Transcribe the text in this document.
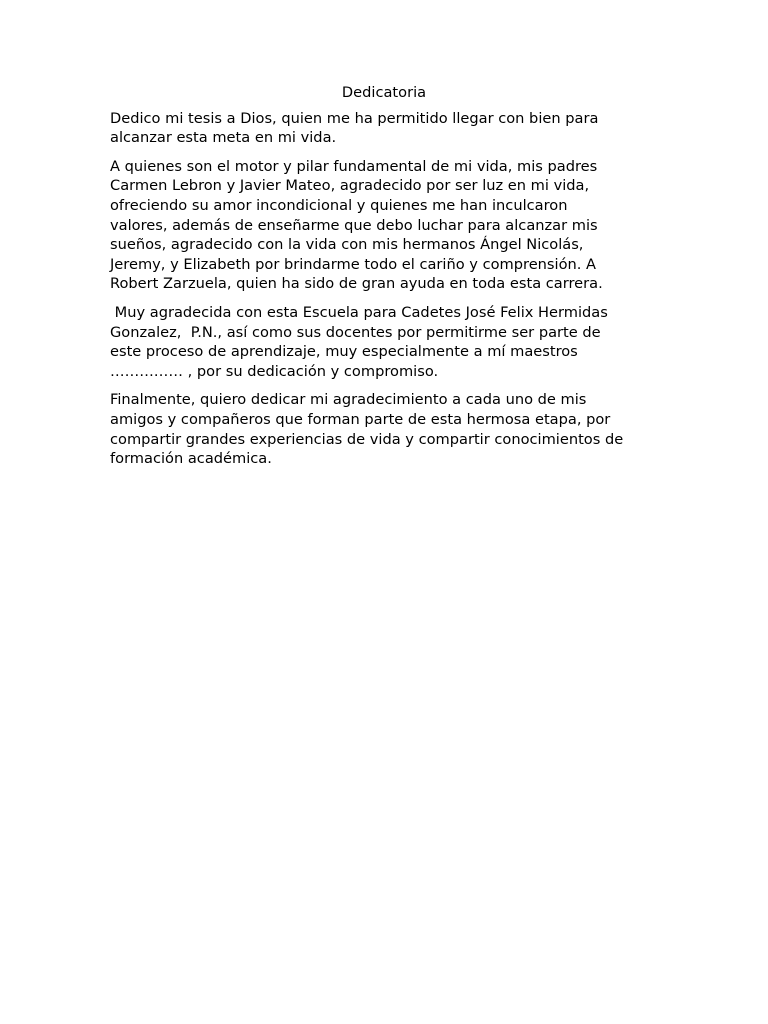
Dedicatoria
Dedico mi tesis a Dios, quien me ha permitido llegar con bien para
alcanzar esta meta en mi vida.
A quienes son el motor y pilar fundamental de mi vida, mis padres
Carmen Lebron y Javier Mateo, agradecido por ser luz en mi vida,
ofreciendo su amor incondicional y quienes me han inculcaron
valores, además de enseñarme que debo luchar para alcanzar mis
sueños, agradecido con la vida con mis hermanos Ángel Nicolás,
Jeremy, y Elizabeth por brindarme todo el cariño y comprensión. A
Robert Zarzuela, quien ha sido de gran ayuda en toda esta carrera.
Muy agradecida con esta Escuela para Cadetes José Felix Hermidas
Gonzalez,  P.N., así como sus docentes por permitirme ser parte de
este proceso de aprendizaje, muy especialmente a mí maestros
…………… , por su dedicación y compromiso.
Finalmente, quiero dedicar mi agradecimiento a cada uno de mis
amigos y compañeros que forman parte de esta hermosa etapa, por
compartir grandes experiencias de vida y compartir conocimientos de
formación académica.
